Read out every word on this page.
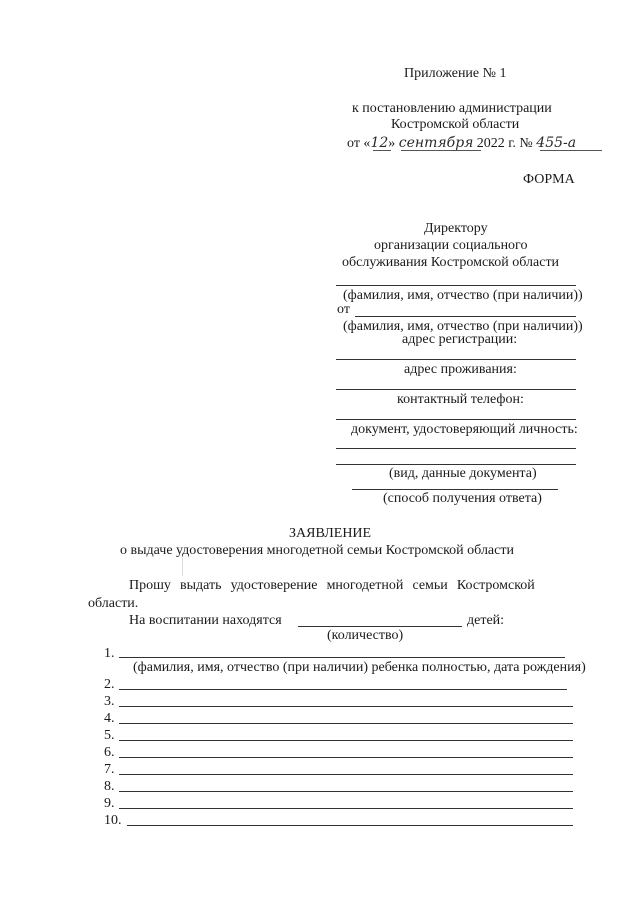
Приложение № 1
к постановлению администрации
Костромской области
от «12» сентября 2022 г. № 455-а
ФОРМА
Директору
организации социального
обслуживания Костромской области
(фамилия, имя, отчество (при наличии))
от
(фамилия, имя, отчество (при наличии))
адрес регистрации:
адрес проживания:
контактный телефон:
документ, удостоверяющий личность:
(вид, данные документа)
(способ получения ответа)
ЗАЯВЛЕНИЕ
о выдаче удостоверения многодетной семьи Костромской области
Прошу выдать удостоверение многодетной семьи Костромской
области.
На воспитании находятся	детей:
(количество)
1.
(фамилия, имя, отчество (при наличии) ребенка полностью, дата рождения)
2.
3.
4.
5.
6.
7.
8.
9.
10.
